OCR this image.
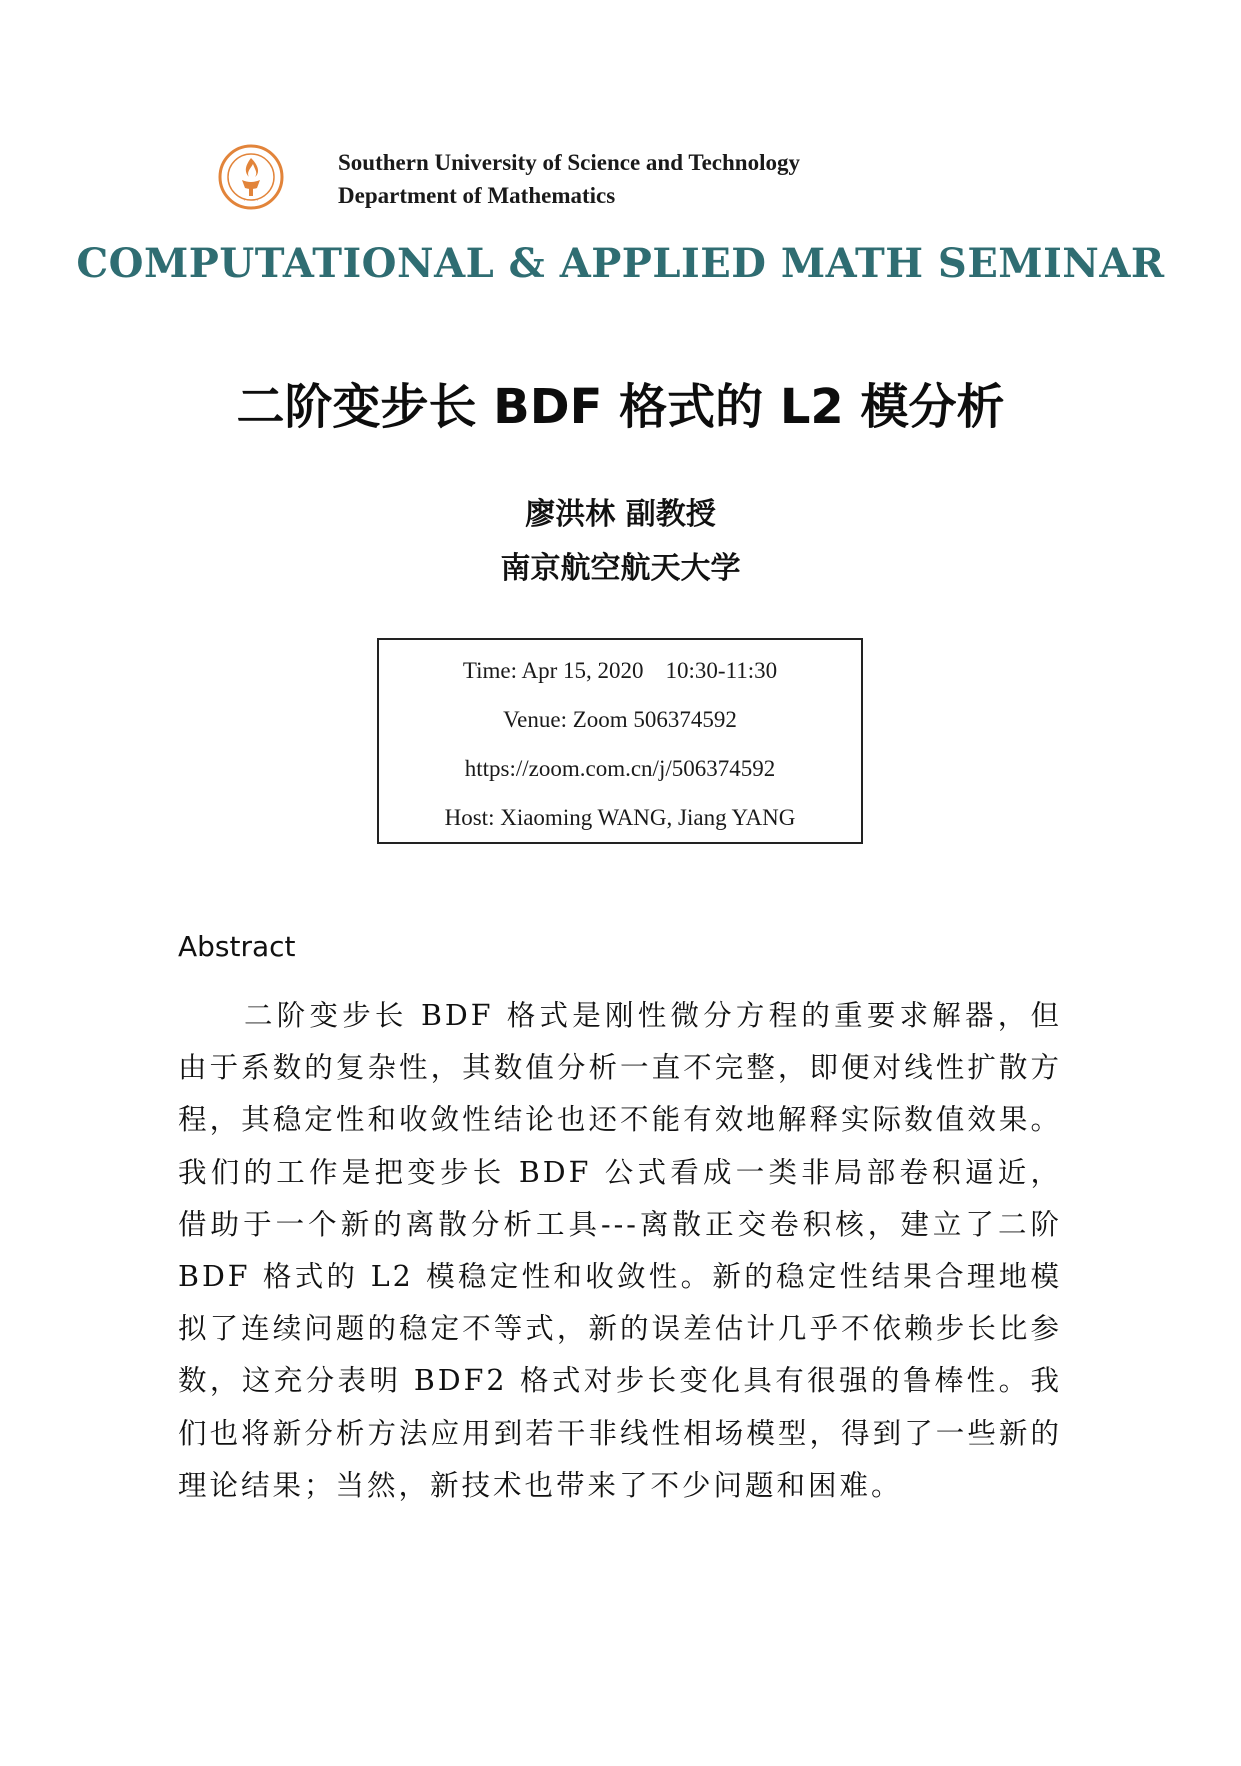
· · · · ·
Southern University of Science and Technology
Department of Mathematics
COMPUTATIONAL & APPLIED MATH SEMINAR
二阶变步长 BDF 格式的 L2 模分析
廖洪林 副教授
南京航空航天大学
Time: Apr 15, 2020 10:30-11:30
Venue: Zoom 506374592
https://zoom.com.cn/j/506374592
Host: Xiaoming WANG, Jiang YANG
Abstract

二阶变步长 BDF 格式是刚性微分方程的重要求解器，但由于系数的复杂性，其数值分析一直不完整，即便对线性扩散方程，其稳定性和收敛性结论也还不能有效地解释实际数值效果。我们的工作是把变步长 BDF 公式看成一类非局部卷积逼近，借助于一个新的离散分析工具---离散正交卷积核，建立了二阶 BDF 格式的 L2 模稳定性和收敛性。新的稳定性结果合理地模拟了连续问题的稳定不等式，新的误差估计几乎不依赖步长比参数，这充分表明 BDF2 格式对步长变化具有很强的鲁棒性。我们也将新分析方法应用到若干非线性相场模型，得到了一些新的理论结果；当然，新技术也带来了不少问题和困难。
